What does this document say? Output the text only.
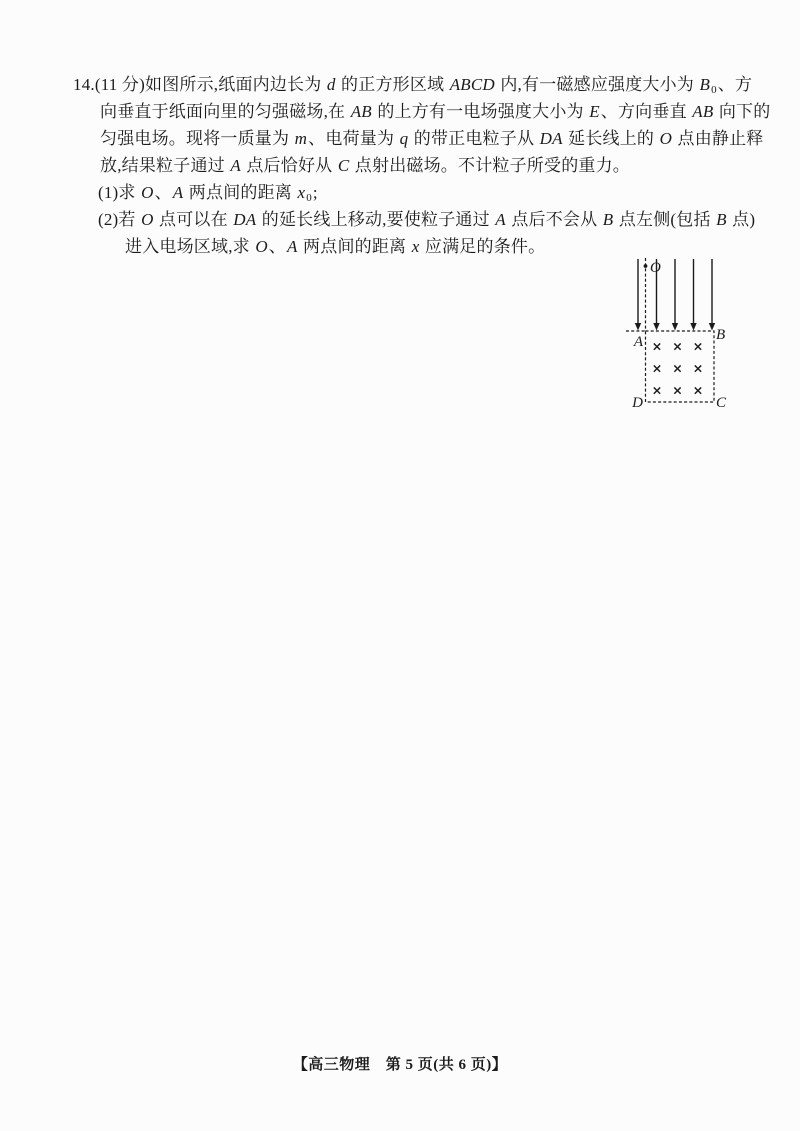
14.(11 分)如图所示,纸面内边长为 d 的正方形区域 ABCD 内,有一磁感应强度大小为 B0、方
向垂直于纸面向里的匀强磁场,在 AB 的上方有一电场强度大小为 E、方向垂直 AB 向下的
匀强电场。现将一质量为 m、电荷量为 q 的带正电粒子从 DA 延长线上的 O 点由静止释
放,结果粒子通过 A 点后恰好从 C 点射出磁场。不计粒子所受的重力。
(1)求 O、A 两点间的距离 x0;
(2)若 O 点可以在 DA 的延长线上移动,要使粒子通过 A 点后不会从 B 点左侧(包括 B 点)
进入电场区域,求 O、A 两点间的距离 x 应满足的条件。
× × ×
× × ×
× × ×
O
A	B
D	C
【高三物理　第 5 页(共 6 页)】
